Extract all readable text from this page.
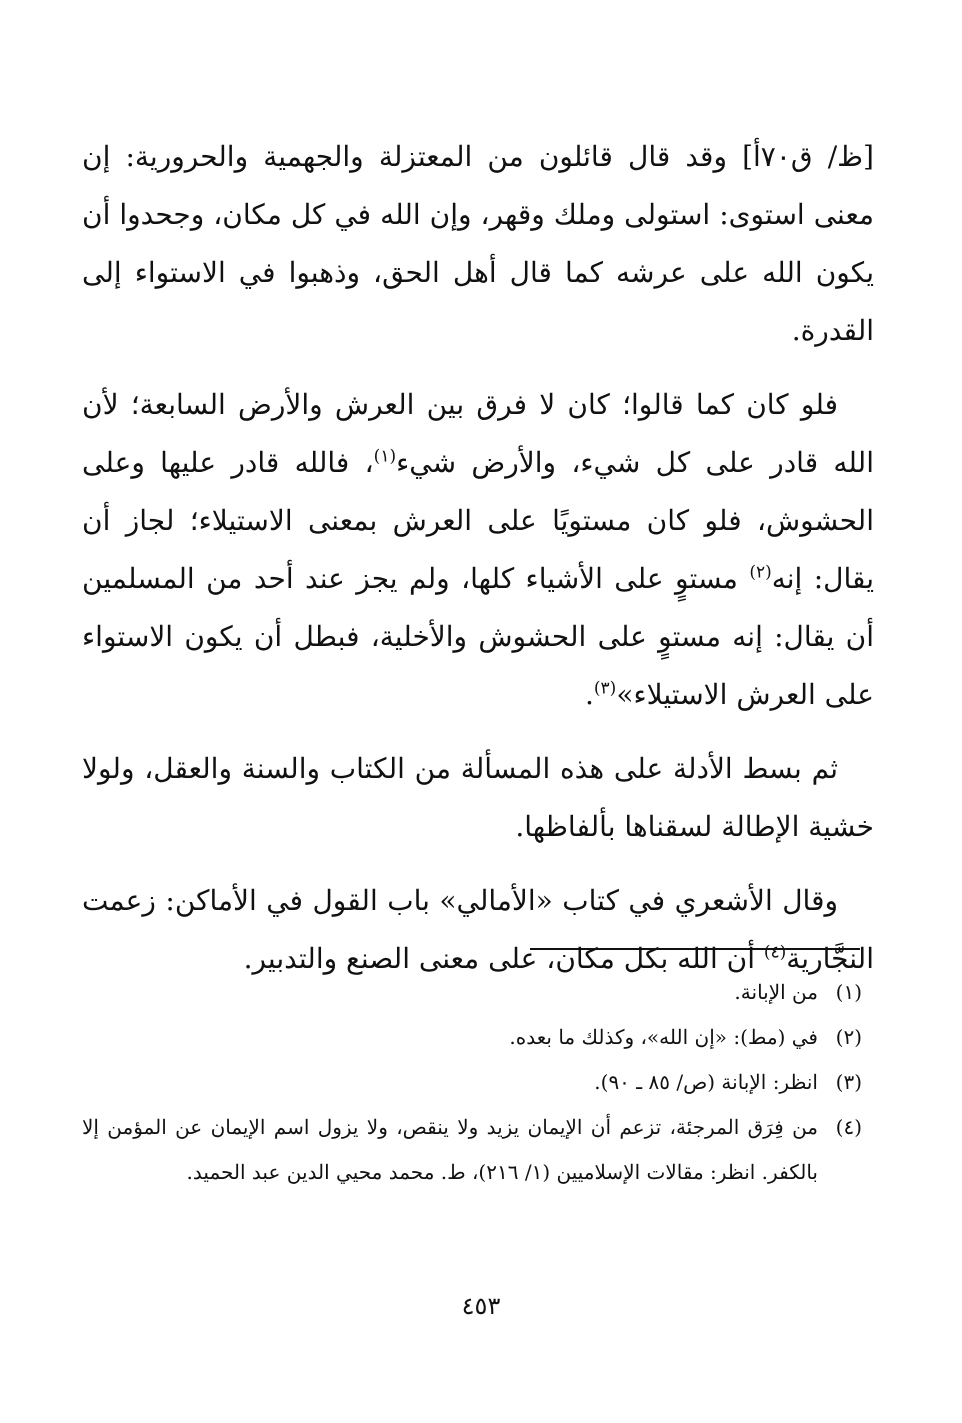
[ظ/ ق٧٠أ] وقد قال قائلون من المعتزلة والجهمية والحرورية: إن معنى استوى: استولى وملك وقهر، وإن الله في كل مكان، وجحدوا أن يكون الله على عرشه كما قال أهل الحق، وذهبوا في الاستواء إلى القدرة.

فلو كان كما قالوا؛ كان لا فرق بين العرش والأرض السابعة؛ لأن الله قادر على كل شيء، والأرض شيء$^{(١)}$، فالله قادر عليها وعلى الحشوش، فلو كان مستويًا على العرش بمعنى الاستيلاء؛ لجاز أن يقال: إنه$^{(٢)}$ مستوٍ على الأشياء كلها، ولم يجز عند أحد من المسلمين أن يقال: إنه مستوٍ على الحشوش والأخلية، فبطل أن يكون الاستواء على العرش الاستيلاء»$^{(٣)}$.

ثم بسط الأدلة على هذه المسألة من الكتاب والسنة والعقل، ولولا خشية الإطالة لسقناها بألفاظها.

وقال الأشعري في كتاب «الأمالي» باب القول في الأماكن: زعمت النجَّارية$^{(٤)}$ أن الله بكل مكان، على معنى الصنع والتدبير.

(١)
من الإبانة.
(٢)
في (مط): «إن الله»، وكذلك ما بعده.
(٣)
انظر: الإبانة (ص/ ٨٥ ـ ٩٠).
(٤)
من فِرَق المرجئة، تزعم أن الإيمان يزيد ولا ينقص، ولا يزول اسم الإيمان عن المؤمن إلا بالكفر. انظر: مقالات الإسلاميين (١/ ٢١٦)، ط. محمد محيي الدين عبد الحميد.
٤٥٣
